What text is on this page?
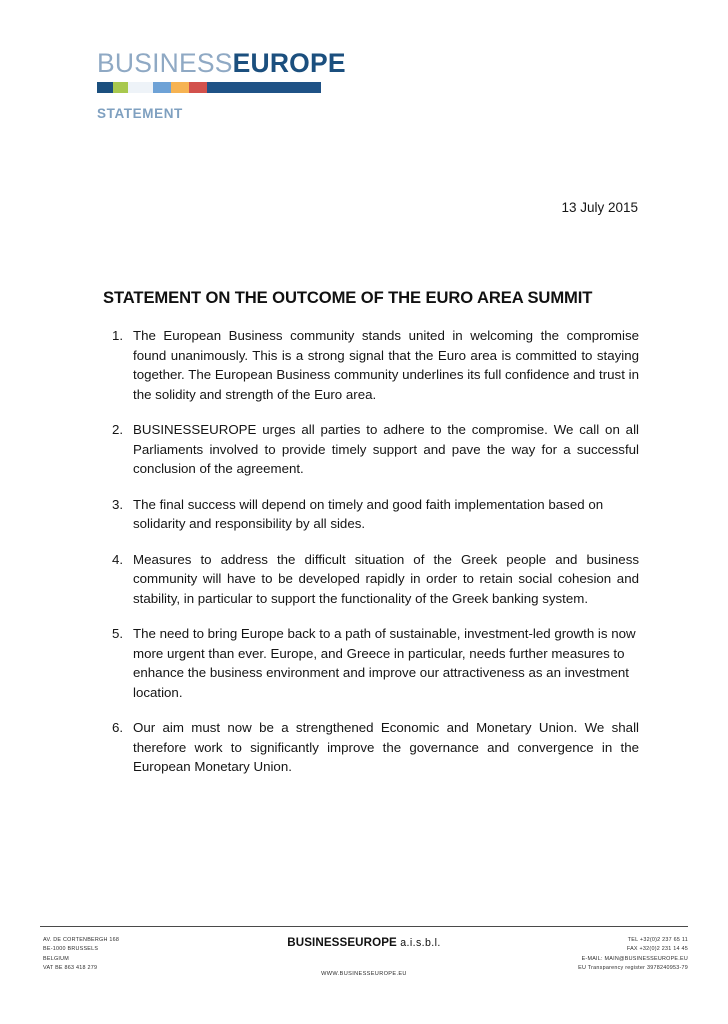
BUSINESSEUROPE
STATEMENT
13 July 2015
STATEMENT ON THE OUTCOME OF THE EURO AREA SUMMIT
1. The European Business community stands united in welcoming the compromise found unanimously. This is a strong signal that the Euro area is committed to staying together. The European Business community underlines its full confidence and trust in the solidity and strength of the Euro area.
2. BUSINESSEUROPE urges all parties to adhere to the compromise. We call on all Parliaments involved to provide timely support and pave the way for a successful conclusion of the agreement.
3. The final success will depend on timely and good faith implementation based on solidarity and responsibility by all sides.
4. Measures to address the difficult situation of the Greek people and business community will have to be developed rapidly in order to retain social cohesion and stability, in particular to support the functionality of the Greek banking system.
5. The need to bring Europe back to a path of sustainable, investment-led growth is now more urgent than ever. Europe, and Greece in particular, needs further measures to enhance the business environment and improve our attractiveness as an investment location.
6. Our aim must now be a strengthened Economic and Monetary Union. We shall therefore work to significantly improve the governance and convergence in the European Monetary Union.
AV. DE CORTENBERGH 168
BE-1000 BRUSSELS
BELGIUM
VAT BE 863 418 279
BUSINESSEUROPE a.i.s.b.l.
WWW.BUSINESSEUROPE.EU
TEL +32(0)2 237 65 11
FAX +32(0)2 231 14 45
E-MAIL: MAIN@BUSINESSEUROPE.EU
EU Transparency register 3978240953-79
